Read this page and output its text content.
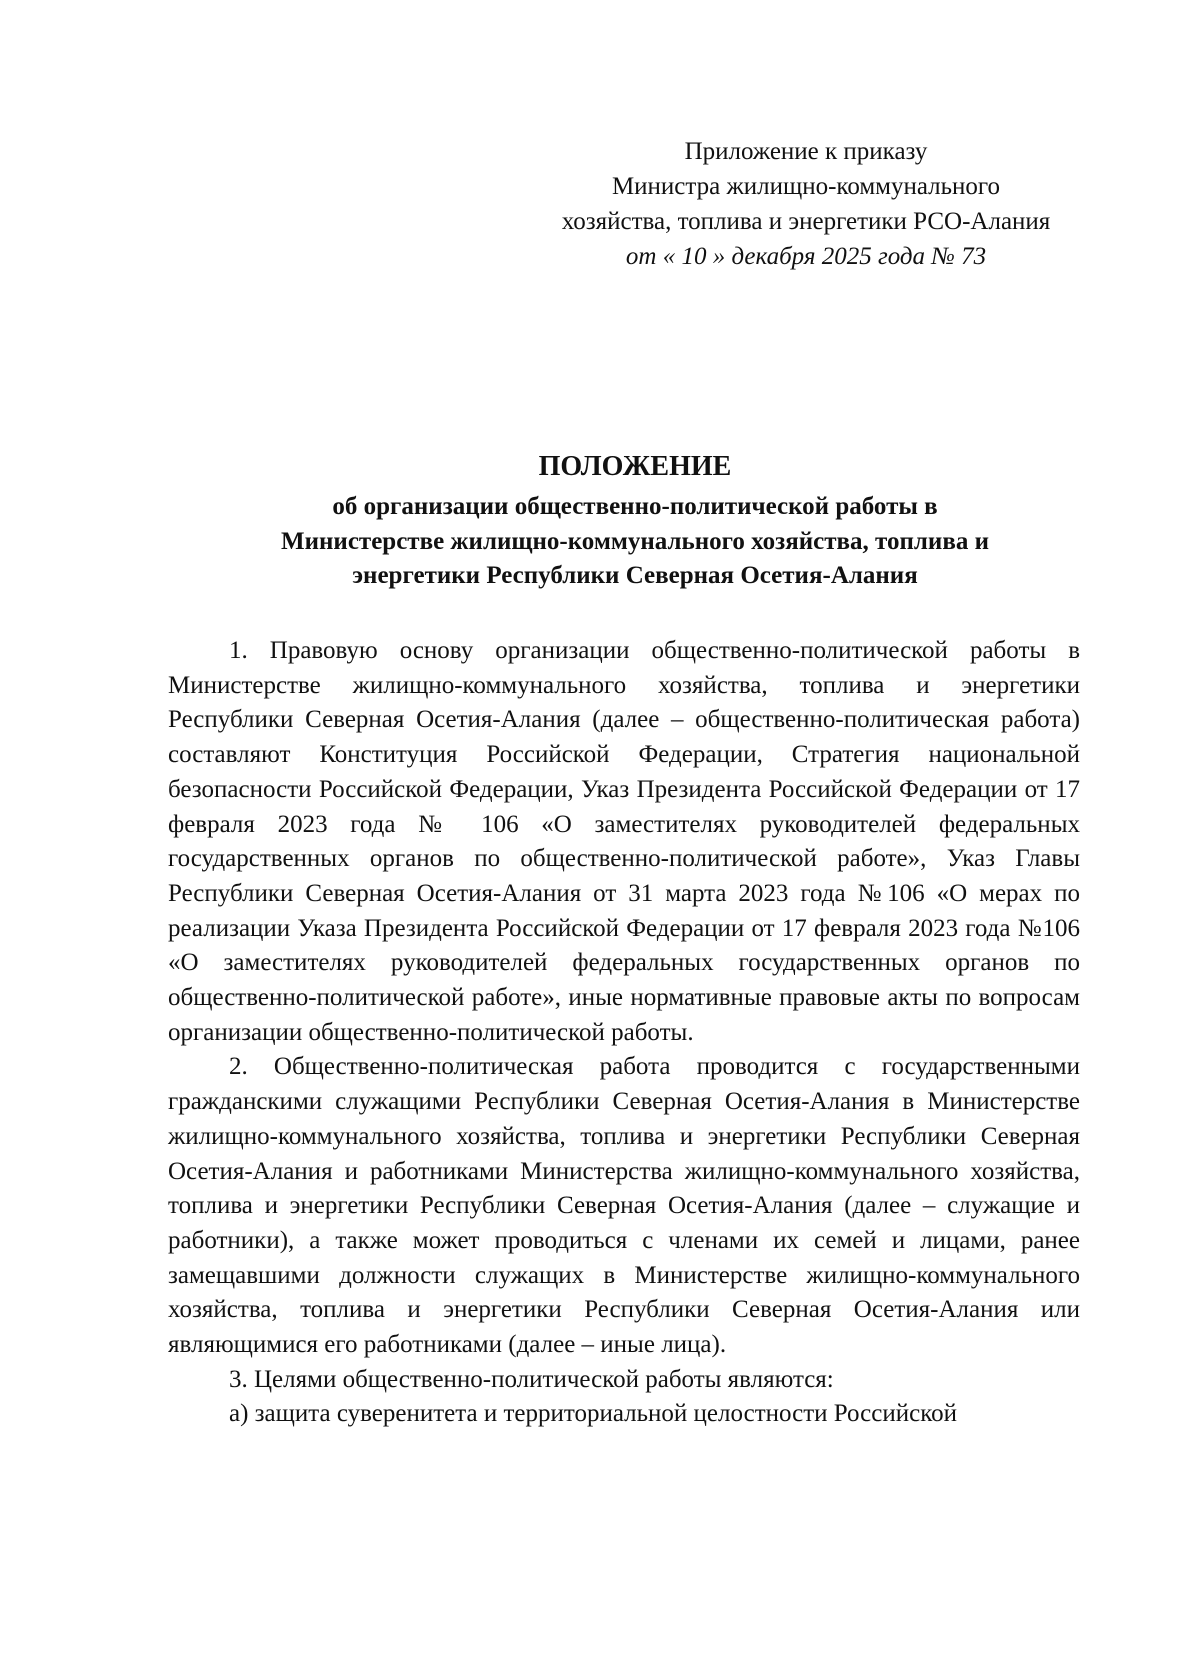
Приложение к приказу
Министра жилищно-коммунального
хозяйства, топлива и энергетики РСО-Алания
от « 10 » декабря 2025 года № 73
ПОЛОЖЕНИЕ
об организации общественно-политической работы в
Министерстве жилищно-коммунального хозяйства, топлива и
энергетики Республики Северная Осетия-Алания

1. Правовую основу организации общественно-политической работы в Министерстве жилищно-коммунального хозяйства, топлива и энергетики Республики Северная Осетия-Алания (далее – общественно-политическая работа) составляют Конституция Российской Федерации, Стратегия национальной безопасности Российской Федерации, Указ Президента Российской Федерации от 17 февраля 2023 года № 106 «О заместителях руководителей федеральных государственных органов по общественно-политической работе», Указ Главы Республики Северная Осетия-Алания от 31 марта 2023 года №106 «О мерах по реализации Указа Президента Российской Федерации от 17 февраля 2023 года №106 «О заместителях руководителей федеральных государственных органов по общественно-политической работе», иные нормативные правовые акты по вопросам организации общественно-политической работы.

2. Общественно-политическая работа проводится с государственными гражданскими служащими Республики Северная Осетия-Алания в Министерстве жилищно-коммунального хозяйства, топлива и энергетики Республики Северная Осетия-Алания и работниками Министерства жилищно-коммунального хозяйства, топлива и энергетики Республики Северная Осетия-Алания (далее – служащие и работники), а также может проводиться с членами их семей и лицами, ранее замещавшими должности служащих в Министерстве жилищно-коммунального хозяйства, топлива и энергетики Республики Северная Осетия-Алания или являющимися его работниками (далее – иные лица).

3. Целями общественно-политической работы являются:

а) защита суверенитета и территориальной целостности Российской
